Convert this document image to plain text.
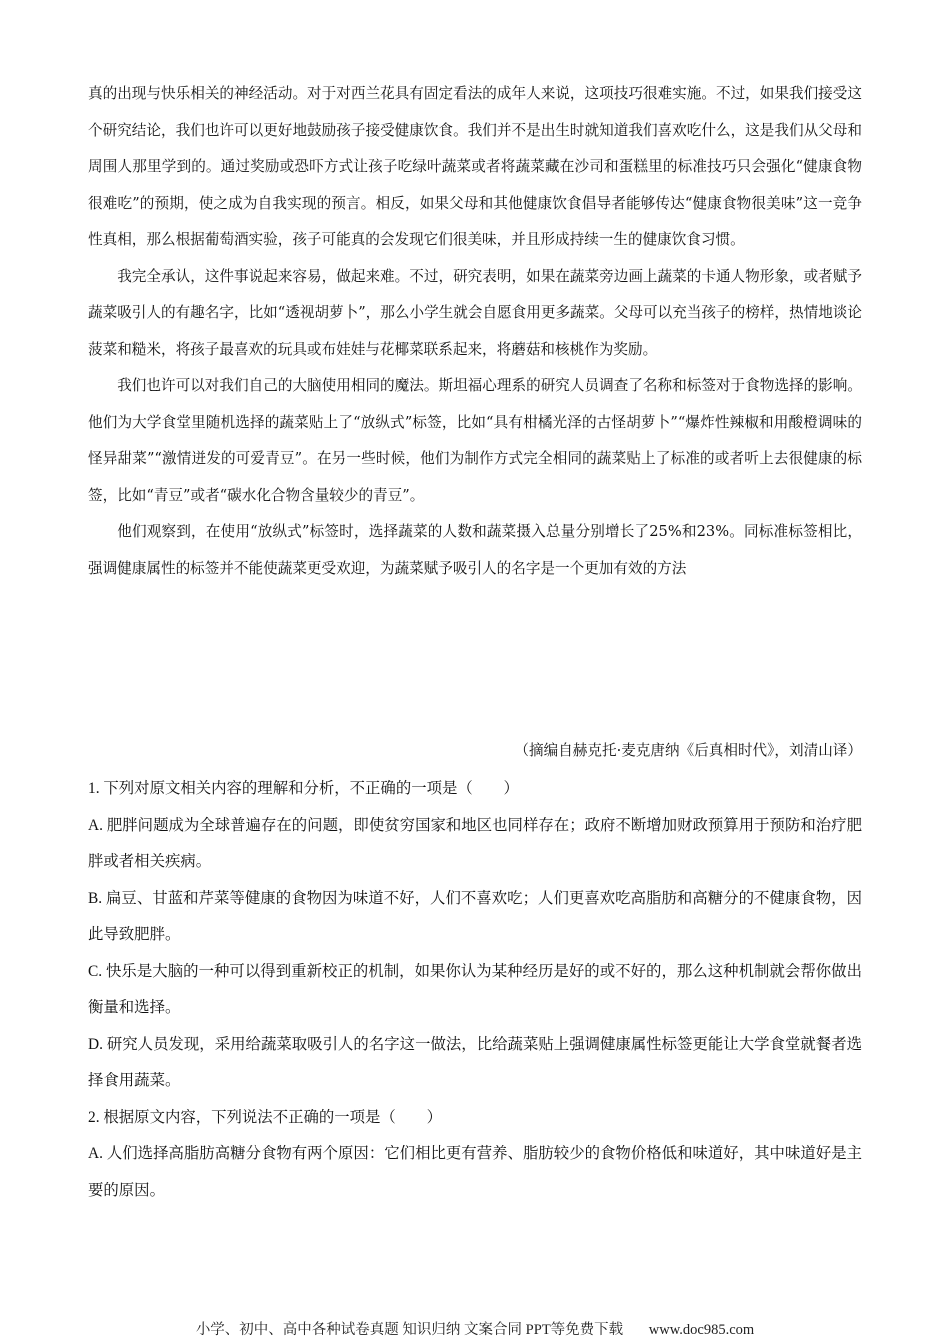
真的出现与快乐相关的神经活动。对于对西兰花具有固定看法的成年人来说，这项技巧很难实施。不过，如果我们接受这个研究结论，我们也许可以更好地鼓励孩子接受健康饮食。我们并不是出生时就知道我们喜欢吃什么，这是我们从父母和周围人那里学到的。通过奖励或恐吓方式让孩子吃绿叶蔬菜或者将蔬菜藏在沙司和蛋糕里的标准技巧只会强化“健康食物很难吃”的预期，使之成为自我实现的预言。相反，如果父母和其他健康饮食倡导者能够传达“健康食物很美味”这一竞争性真相，那么根据葡萄酒实验，孩子可能真的会发现它们很美味，并且形成持续一生的健康饮食习惯。

我完全承认，这件事说起来容易，做起来难。不过，研究表明，如果在蔬菜旁边画上蔬菜的卡通人物形象，或者赋予蔬菜吸引人的有趣名字，比如“透视胡萝卜”，那么小学生就会自愿食用更多蔬菜。父母可以充当孩子的榜样，热情地谈论菠菜和糙米，将孩子最喜欢的玩具或布娃娃与花椰菜联系起来，将蘑菇和核桃作为奖励。

我们也许可以对我们自己的大脑使用相同的魔法。斯坦福心理系的研究人员调查了名称和标签对于食物选择的影响。他们为大学食堂里随机选择的蔬菜贴上了“放纵式”标签，比如“具有柑橘光泽的古怪胡萝卜”“爆炸性辣椒和用酸橙调味的怪异甜菜”“激情迸发的可爱青豆”。在另一些时候，他们为制作方式完全相同的蔬菜贴上了标准的或者听上去很健康的标签，比如“青豆”或者“碳水化合物含量较少的青豆”。

他们观察到，在使用“放纵式”标签时，选择蔬菜的人数和蔬菜摄入总量分别增长了25%和23%。同标准标签相比，强调健康属性的标签并不能使蔬菜更受欢迎，为蔬菜赋予吸引人的名字是一个更加有效的方法

（摘编自赫克托·麦克唐纳《后真相时代》，刘清山译）

1. 下列对原文相关内容的理解和分析，不正确的一项是（　　）

A. 肥胖问题成为全球普遍存在的问题，即使贫穷国家和地区也同样存在；政府不断增加财政预算用于预防和治疗肥胖或者相关疾病。

B. 扁豆、甘蓝和芹菜等健康的食物因为味道不好，人们不喜欢吃；人们更喜欢吃高脂肪和高糖分的不健康食物，因此导致肥胖。

C. 快乐是大脑的一种可以得到重新校正的机制，如果你认为某种经历是好的或不好的，那么这种机制就会帮你做出衡量和选择。

D. 研究人员发现，采用给蔬菜取吸引人的名字这一做法，比给蔬菜贴上强调健康属性标签更能让大学食堂就餐者选择食用蔬菜。

2. 根据原文内容，下列说法不正确的一项是（　　）

A. 人们选择高脂肪高糖分食物有两个原因：它们相比更有营养、脂肪较少的食物价格低和味道好，其中味道好是主要的原因。

小学、初中、高中各种试卷真题 知识归纳 文案合同 PPT等免费下载 www.doc985.com
